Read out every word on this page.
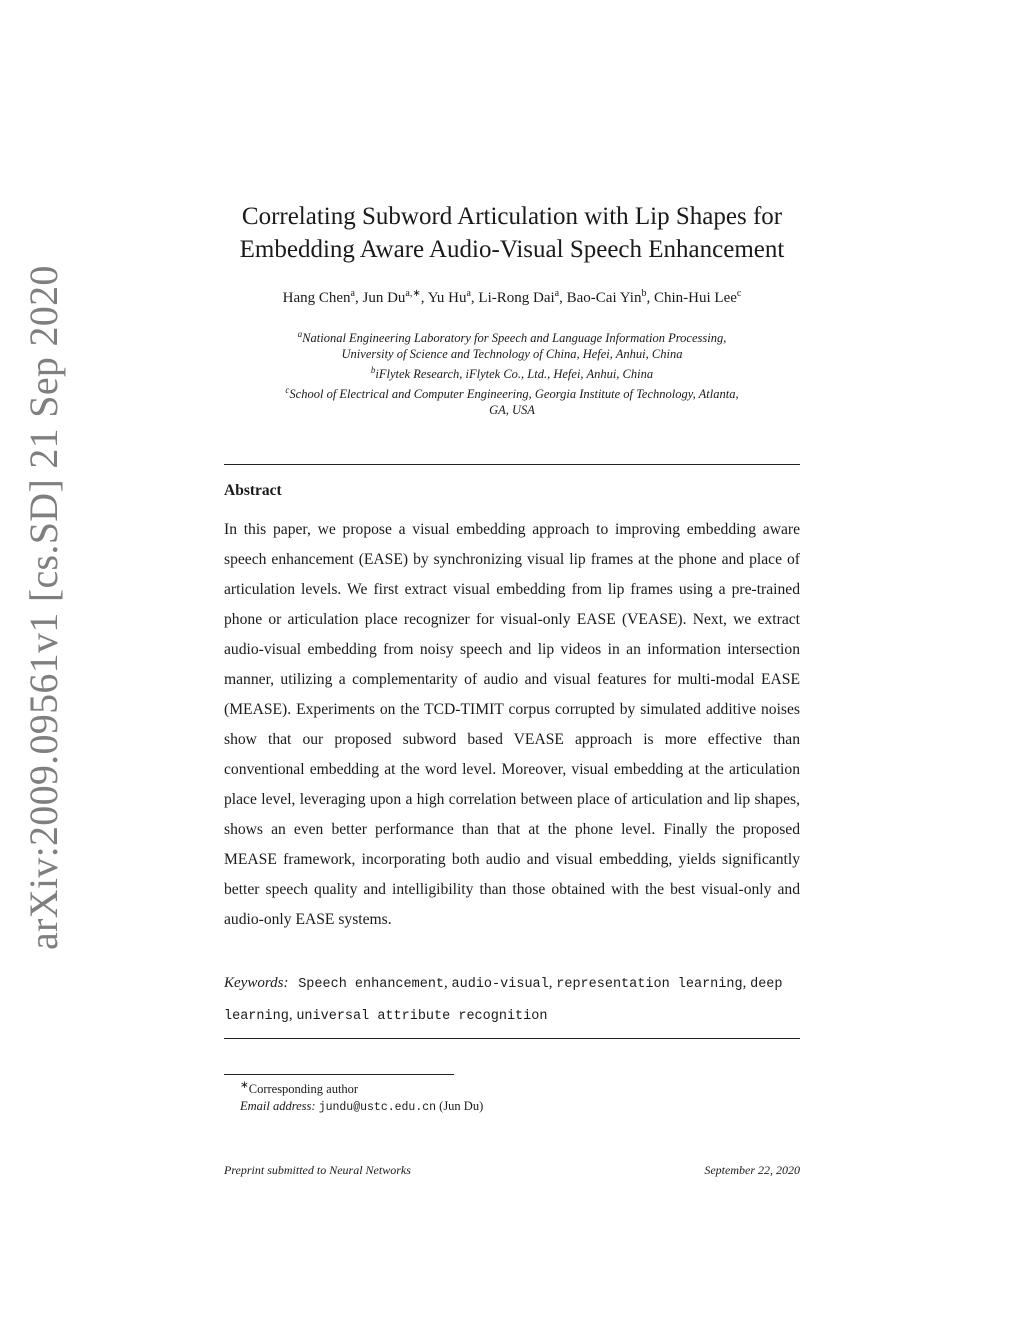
arXiv:2009.09561v1 [cs.SD] 21 Sep 2020
Correlating Subword Articulation with Lip Shapes for
Embedding Aware Audio-Visual Speech Enhancement
Hang Chen$^a$, Jun $Du^{a,∗}$, Yu Hu$^a$, Li-Rong Dai$^a$, Bao-Cai Yin$^b$, Chin-Hui Lee$^c$
$^a$National Engineering Laboratory for Speech and Language Information Processing,
University of Science and Technology of China, Hefei, Anhui, China
$^b$iFlytek Research, iFlytek Co., Ltd., Hefei, Anhui, China
$^c$School of Electrical and Computer Engineering, Georgia Institute of Technology, Atlanta,
GA, USA
Abstract
In this paper, we propose a visual embedding approach to improving embedding aware speech enhancement (EASE) by synchronizing visual lip frames at the phone and place of articulation levels. We first extract visual embedding from lip frames using a pre-trained phone or articulation place recognizer for visual-only EASE (VEASE). Next, we extract audio-visual embedding from noisy speech and lip videos in an information intersection manner, utilizing a complementarity of audio and visual features for multi-modal EASE (MEASE). Experiments on the TCD-TIMIT corpus corrupted by simulated additive noises show that our proposed subword based VEASE approach is more effective than conventional embedding at the word level. Moreover, visual embedding at the articulation place level, leveraging upon a high correlation between place of articulation and lip shapes, shows an even better performance than that at the phone level. Finally the proposed MEASE framework, incorporating both audio and visual embedding, yields significantly better speech quality and intelligibility than those obtained with the best visual-only and audio-only EASE systems.
Keywords: Speech enhancement, audio-visual, representation learning, deep learning, universal attribute recognition
∗Corresponding author
Email address: jundu@ustc.edu.cn (Jun Du)
Preprint submitted to Neural Networks	September 22, 2020
